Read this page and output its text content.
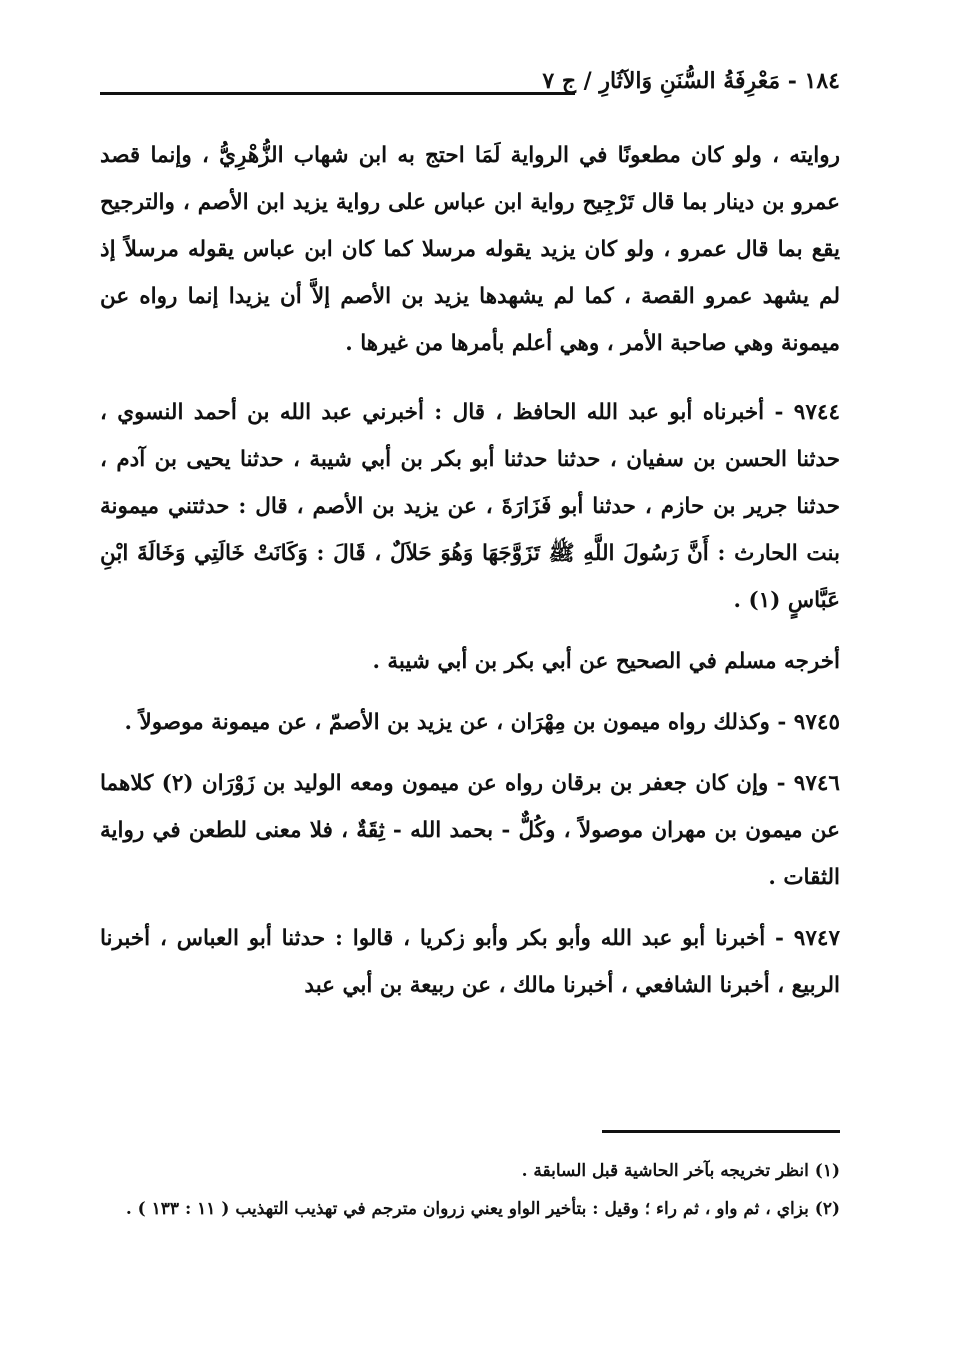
١٨٤ - مَعْرِفَةُ السُّنَنِ وَالآثَارِ / ج ٧

روايته ، ولو كان مطعونًا في الرواية لَمَا احتج به ابن شهاب الزُّهْرِيُّ ، وإنما قصد عمرو بن دينار بما قال تَرْجِيح رواية ابن عباس على رواية يزيد ابن الأصم ، والترجيح يقع بما قال عمرو ، ولو كان يزيد يقوله مرسلا كما كان ابن عباس يقوله مرسلاً إذ لم يشهد عمرو القصة ، كما لم يشهدها يزيد بن الأصم إلاَّ أن يزيدا إنما رواه عن ميمونة وهي صاحبة الأمر ، وهي أعلم بأمرها من غيرها .

٩٧٤٤ - أخبرناه أبو عبد الله الحافظ ، قال : أخبرني عبد الله بن أحمد النسوي ، حدثنا الحسن بن سفيان ، حدثنا حدثنا أبو بكر بن أبي شيبة ، حدثنا يحيى بن آدم ، حدثنا جرير بن حازم ، حدثنا أبو فَزَارَةَ ، عن يزيد بن الأصم ، قال : حدثتني ميمونة بنت الحارث : أَنَّ رَسُولَ اللَّهِ ﷺ تَزَوَّجَهَا وَهُوَ حَلاَلٌ ، قَالَ : وَكَانَتْ خَالَتِي وَخَالَةَ ابْنِ عَبَّاسٍ (١) .

أخرجه مسلم في الصحيح عن أبي بكر بن أبي شيبة .

٩٧٤٥ - وكذلك رواه ميمون بن مِهْرَان ، عن يزيد بن الأصمّ ، عن ميمونة موصولاً .

٩٧٤٦ - وإن كان جعفر بن برقان رواه عن ميمون ومعه الوليد بن زَوْرَان (٢) كلاهما عن ميمون بن مهران موصولاً ، وكُلٌّ - بحمد الله - ثِقَةٌ ، فلا معنى للطعن في رواية الثقات .

٩٧٤٧ - أخبرنا أبو عبد الله وأبو بكر وأبو زكريا ، قالوا : حدثنا أبو العباس ، أخبرنا الربيع ، أخبرنا الشافعي ، أخبرنا مالك ، عن ربيعة بن أبي عبد

(١) انظر تخريجه بآخر الحاشية قبل السابقة .

(٢) بزاي ، ثم واو ، ثم راء ؛ وقيل : بتأخير الواو يعني زروان مترجم في تهذيب التهذيب ( ١١ : ١٣٣ ) .
